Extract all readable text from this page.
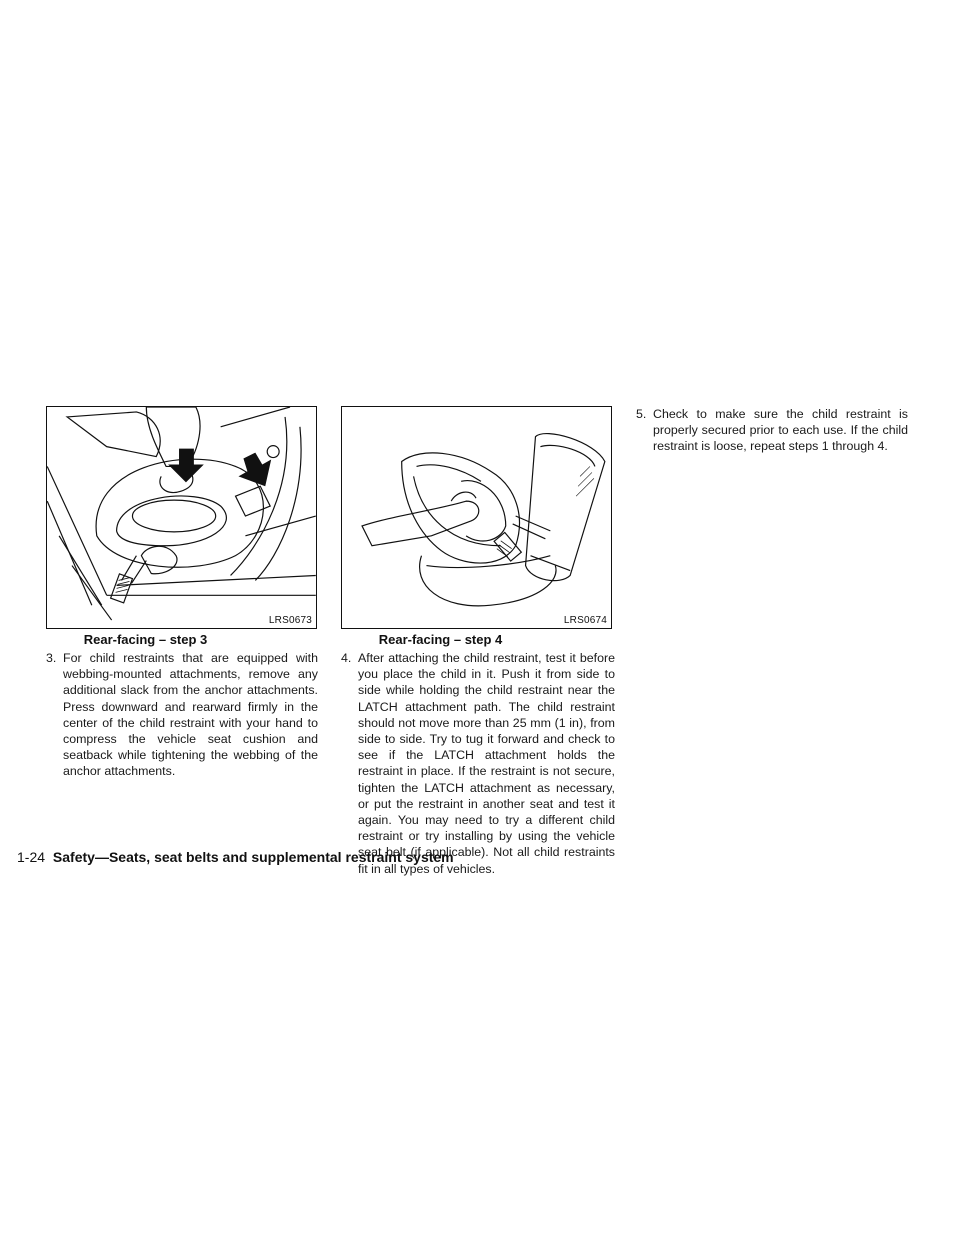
LRS0673
Rear-facing – step 3
LRS0674
Rear-facing – step 4
3. For child restraints that are equipped with webbing-mounted attachments, remove any additional slack from the anchor attachments. Press downward and rearward firmly in the center of the child restraint with your hand to compress the vehicle seat cushion and seatback while tightening the webbing of the anchor attachments.
4. After attaching the child restraint, test it before you place the child in it. Push it from side to side while holding the child restraint near the LATCH attachment path. The child restraint should not move more than 25 mm (1 in), from side to side. Try to tug it forward and check to see if the LATCH attachment holds the restraint in place. If the restraint is not secure, tighten the LATCH attachment as necessary, or put the restraint in another seat and test it again. You may need to try a different child restraint or try installing by using the vehicle seat belt (if applicable). Not all child restraints fit in all types of vehicles.
5. Check to make sure the child restraint is properly secured prior to each use. If the child restraint is loose, repeat steps 1 through 4.
1-24 Safety—Seats, seat belts and supplemental restraint system
